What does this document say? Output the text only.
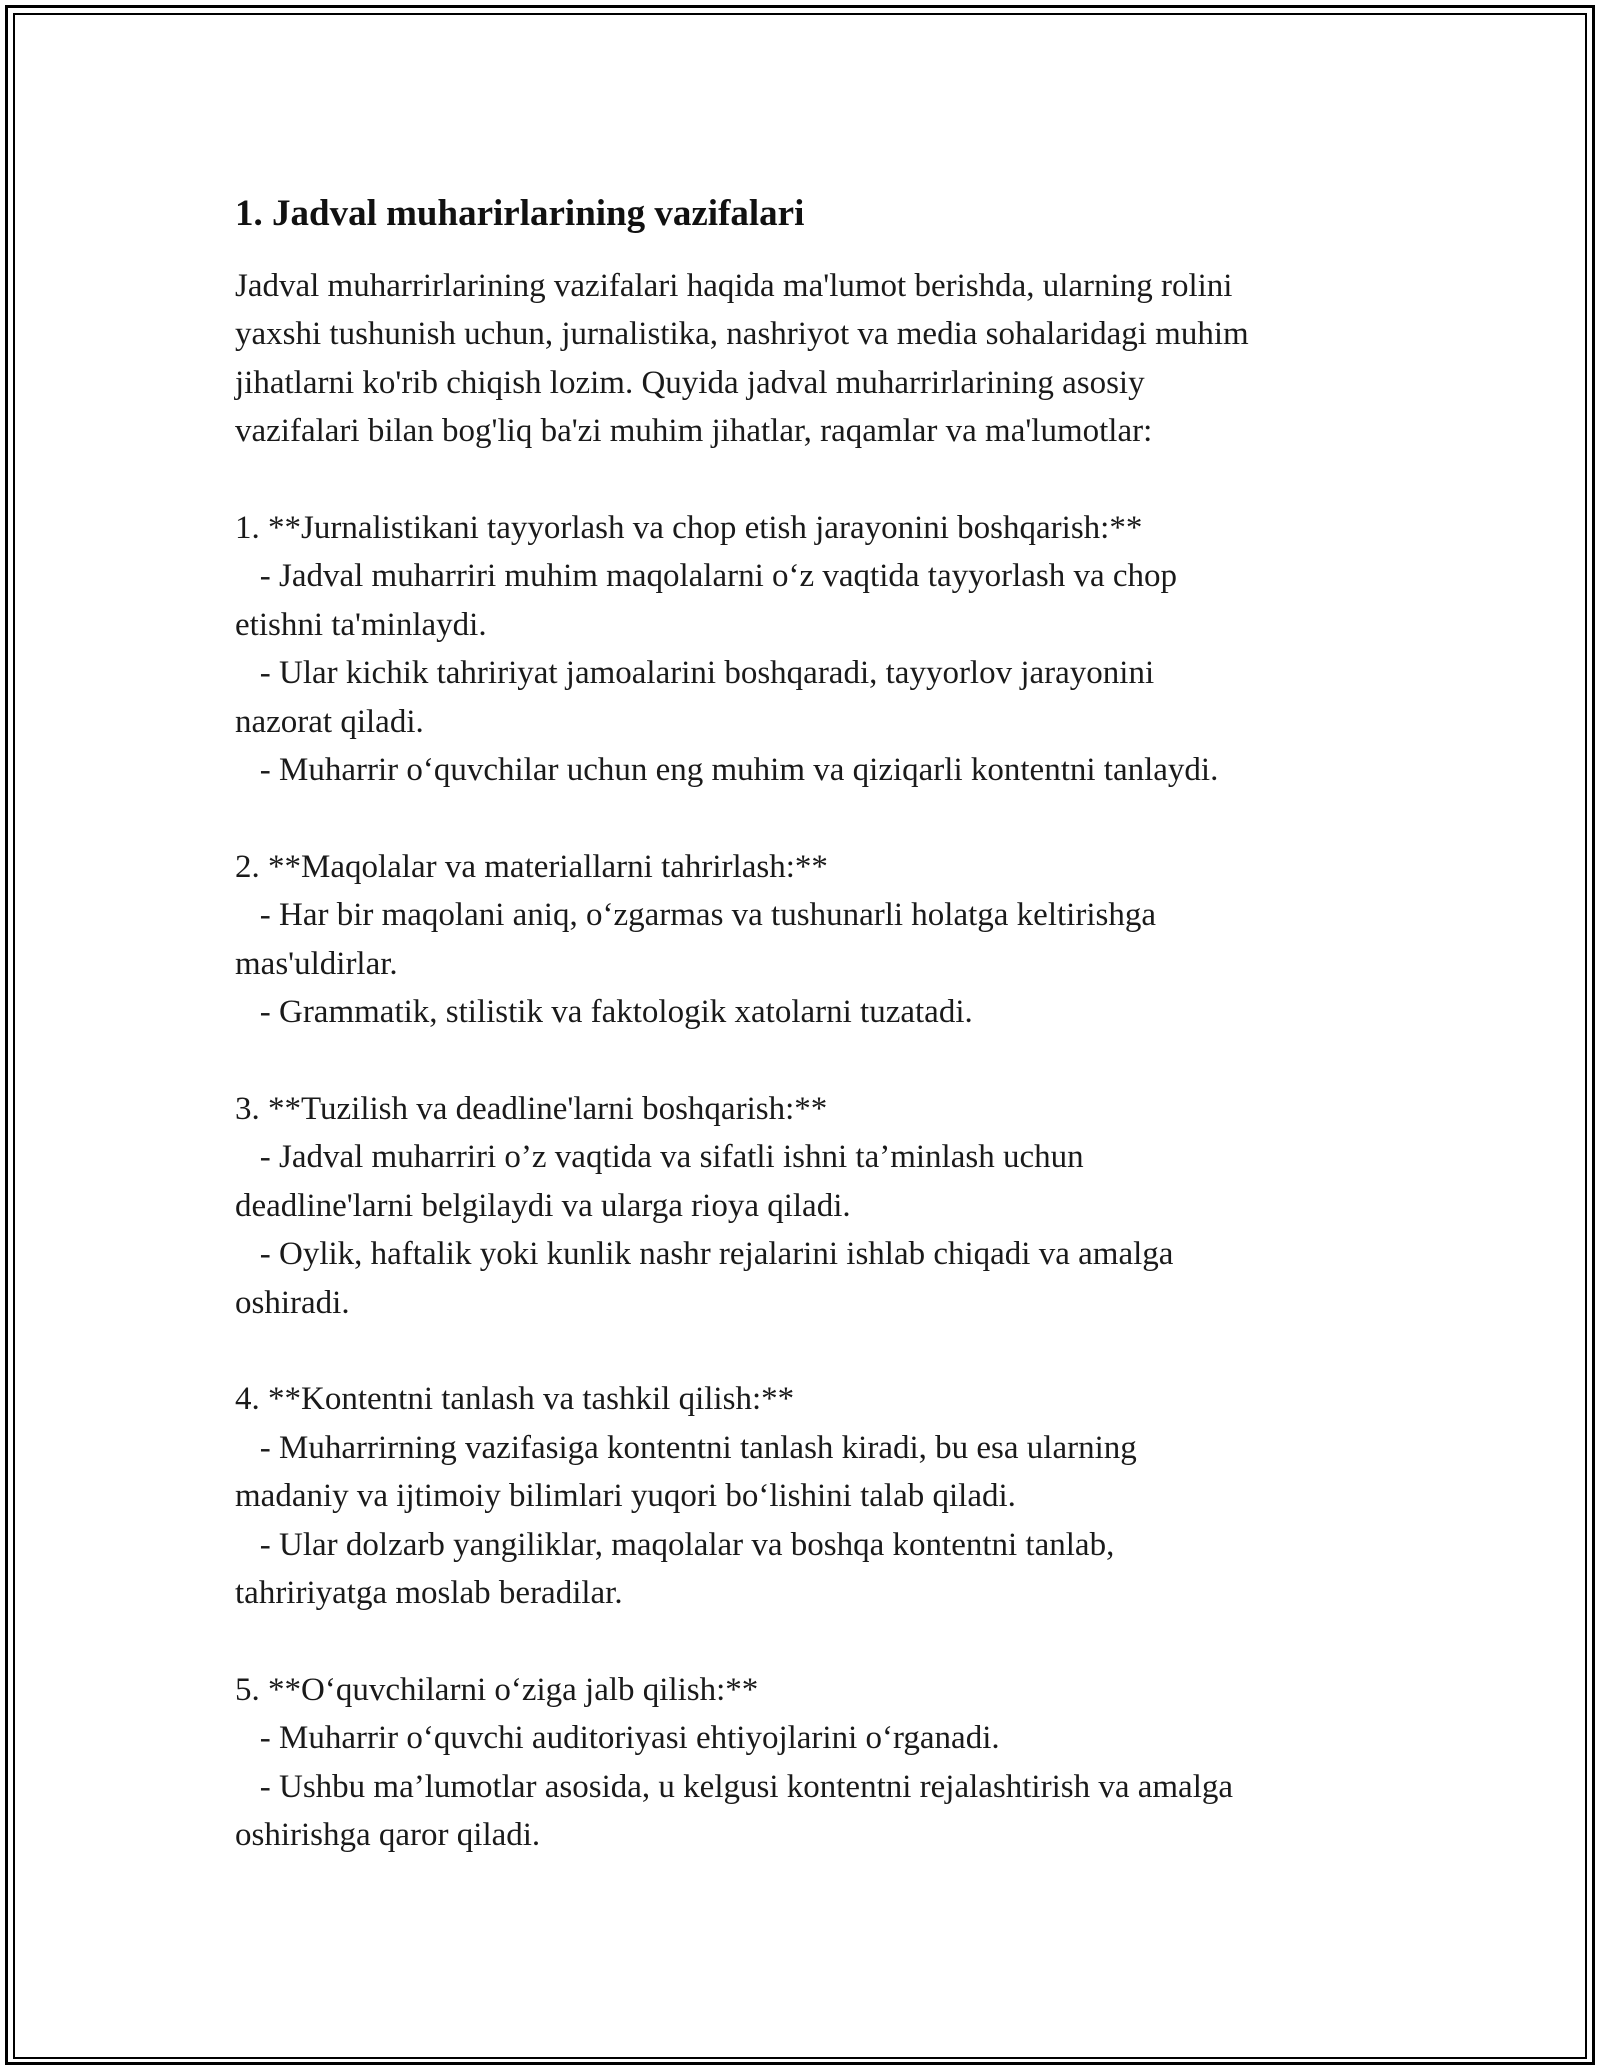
1. Jadval muharirlarining vazifalari
Jadval muharrirlarining vazifalari haqida ma'lumot berishda, ularning rolini
yaxshi tushunish uchun, jurnalistika, nashriyot va media sohalaridagi muhim
jihatlarni ko'rib chiqish lozim. Quyida jadval muharrirlarining asosiy
vazifalari bilan bog'liq ba'zi muhim jihatlar, raqamlar va ma'lumotlar:

1. **Jurnalistikani tayyorlash va chop etish jarayonini boshqarish:**
- Jadval muharriri muhim maqolalarni o‘z vaqtida tayyorlash va chop
etishni ta'minlaydi.
- Ular kichik tahririyat jamoalarini boshqaradi, tayyorlov jarayonini
nazorat qiladi.
- Muharrir o‘quvchilar uchun eng muhim va qiziqarli kontentni tanlaydi.

2. **Maqolalar va materiallarni tahrirlash:**
- Har bir maqolani aniq, o‘zgarmas va tushunarli holatga keltirishga
mas'uldirlar.
- Grammatik, stilistik va faktologik xatolarni tuzatadi.

3. **Tuzilish va deadline'larni boshqarish:**
- Jadval muharriri o’z vaqtida va sifatli ishni ta’minlash uchun
deadline'larni belgilaydi va ularga rioya qiladi.
- Oylik, haftalik yoki kunlik nashr rejalarini ishlab chiqadi va amalga
oshiradi.

4. **Kontentni tanlash va tashkil qilish:**
- Muharrirning vazifasiga kontentni tanlash kiradi, bu esa ularning
madaniy va ijtimoiy bilimlari yuqori bo‘lishini talab qiladi.
- Ular dolzarb yangiliklar, maqolalar va boshqa kontentni tanlab,
tahririyatga moslab beradilar.

5. **O‘quvchilarni o‘ziga jalb qilish:**
- Muharrir o‘quvchi auditoriyasi ehtiyojlarini o‘rganadi.
- Ushbu ma’lumotlar asosida, u kelgusi kontentni rejalashtirish va amalga
oshirishga qaror qiladi.
